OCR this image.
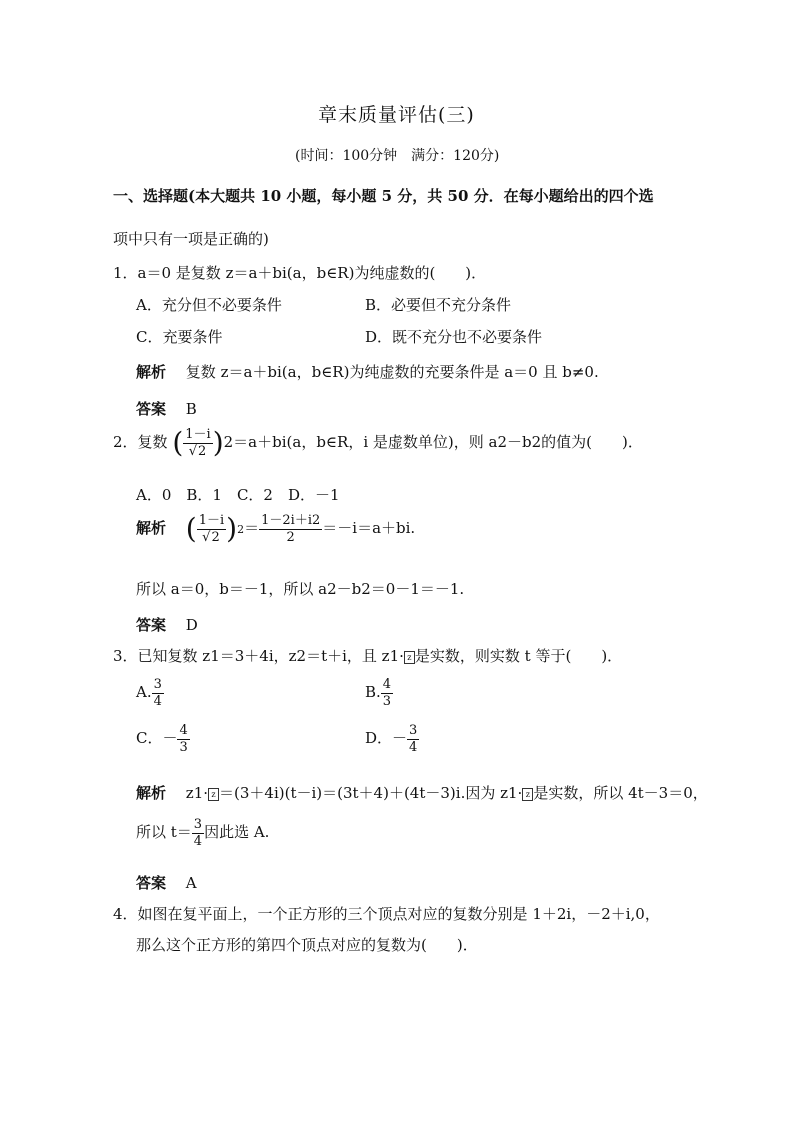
章末质量评估(三)
(时间：100分钟　满分：120分)
一、选择题(本大题共 10 小题，每小题 5 分，共 50 分．在每小题给出的四个选
项中只有一项是正确的)
1．a＝0 是复数 z＝a＋bi(a，b∈R)为纯虚数的(　　)．
A．充分但不必要条件	B．必要但不充分条件
C．充要条件	D．既不充分也不必要条件
解析　 复数 z＝a＋bi(a，b∈R)为纯虚数的充要条件是 a＝0 且 b≠0.
答案　 B
2．复数 ( $\frac{1-i}{√2} )2=a+bi(a$，b∈R，i 是虚数单位)，则 a2－b2的值为(　　)．
A．0　B．1　C．2　D．－1
解析　 ( $\frac{1-i}{√2} )2= \frac{1-2i+i2}{2} =-i=a+bi$.
所以 a＝0，b＝－1，所以 a2－b2＝0－1＝－1.
答案　 D
3．已知复数 z1＝3＋4i，z2＝t＋i，且 z1· z 是实数，则实数 t 等于(　　)．
A. $\frac{3}{4}$	B. $\frac{4}{3}$
C．－ $\frac{4}{3}$	D．－ $\frac{3}{4}$
解析　 z1· z ＝(3＋4i)(t－i)＝(3t＋4)＋(4t－3)i.因为 z1· z 是实数，所以 4t－3＝0，
所以 $t= \frac{3}{4}$ 因此选 A.
答案　 A
4．如图在复平面上，一个正方形的三个顶点对应的复数分别是 1＋2i，－2＋i,0，
那么这个正方形的第四个顶点对应的复数为(　　)．
